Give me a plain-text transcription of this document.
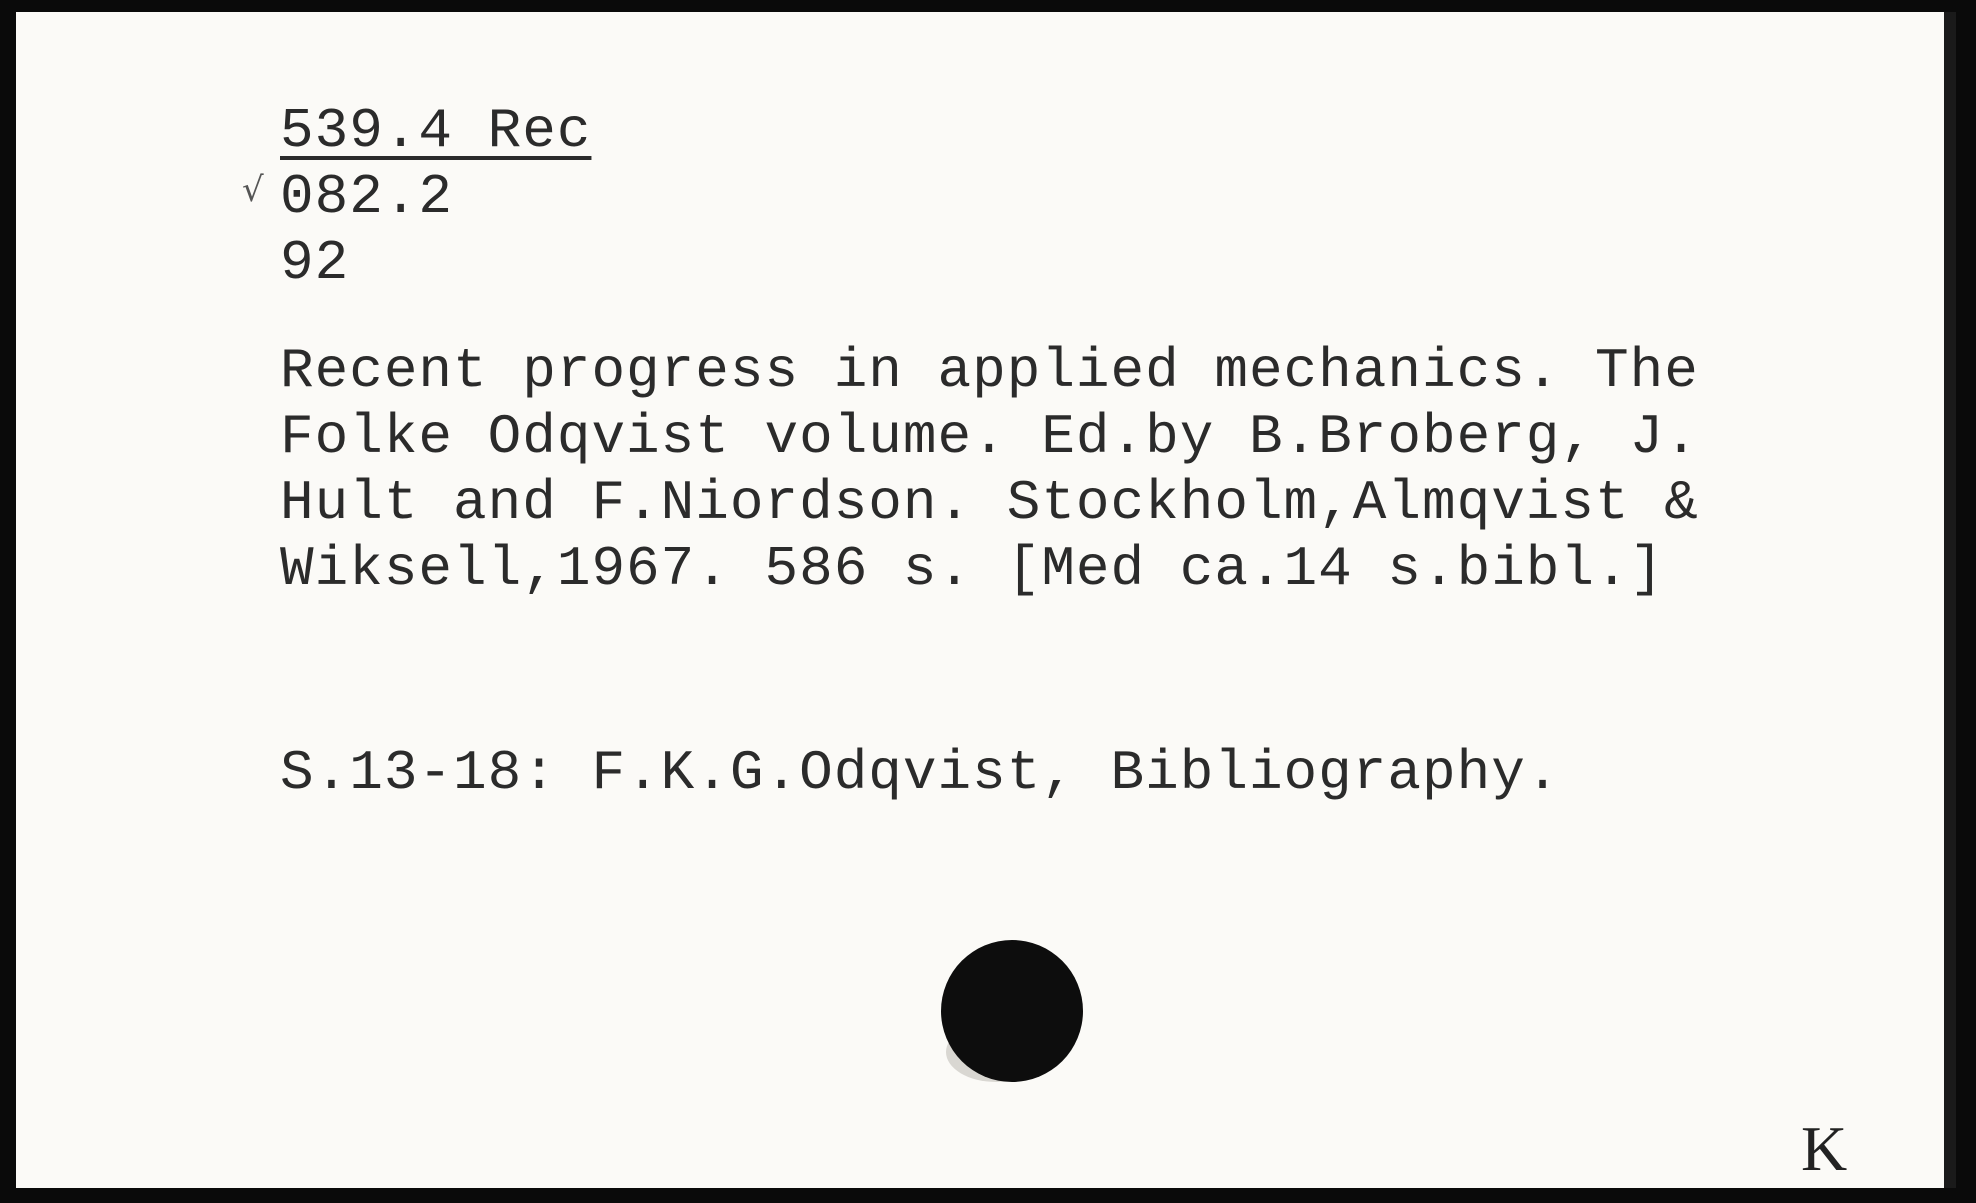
539.4 Rec
√ 082.2
92
Recent progress in applied mechanics. The
Folke Odqvist volume. Ed.by B.Broberg, J.
Hult and F.Niordson. Stockholm,Almqvist &
Wiksell,1967. 586 s. [Med ca.14 s.bibl.]
S.13-18: F.K.G.Odqvist, Bibliography.
K
